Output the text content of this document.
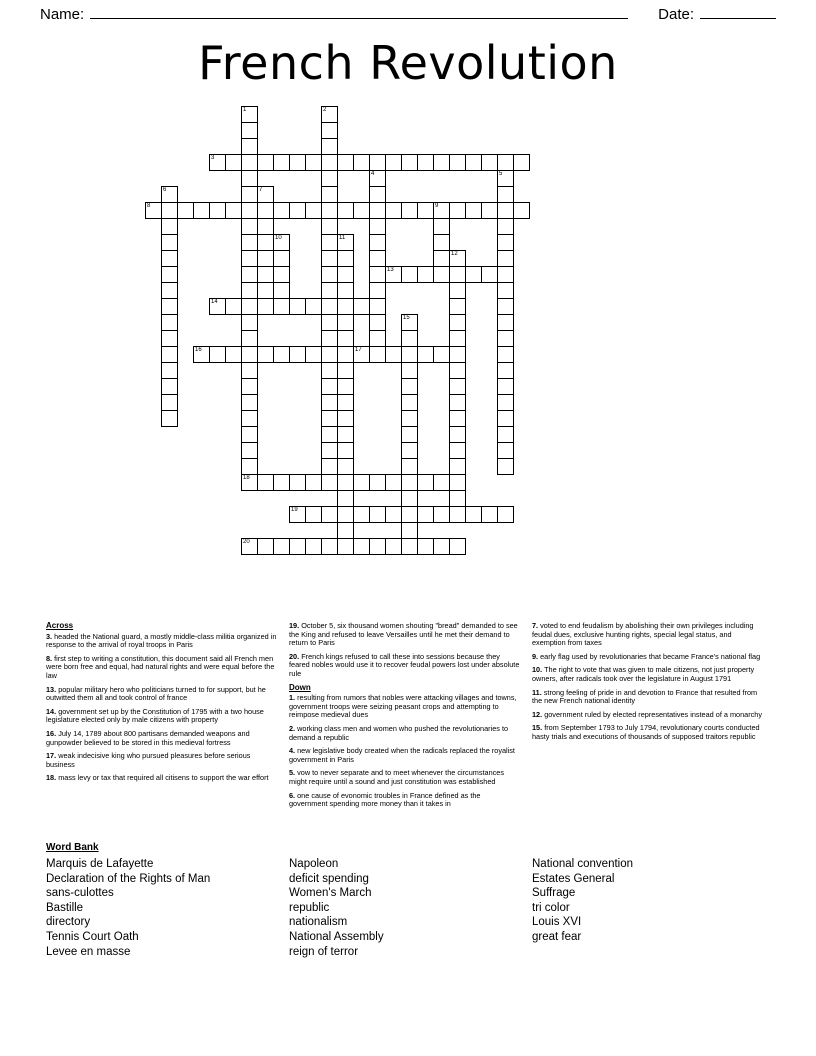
Name:	Date:
French Revolution
1	2
3
4	5
6	7
8	9
10	11
12
13
14
15
16	17
18
19
20
Across
3. headed the National guard, a mostly middle-class militia organized in response to the arrival of royal troops in Paris
8. first step to writing a constitution, this document said all French men were born free and equal, had natural rights and were equal before the law
13. popular military hero who politicians turned to for support, but he outwitted them all and took control of france
14. government set up by the Constitution of 1795 with a two house legislature elected only by male citizens with property
16. July 14, 1789 about 800 partisans demanded weapons and gunpowder believed to be stored in this medieval fortress
17. weak indecisive king who pursued pleasures before serious business
18. mass levy or tax that required all citisens to support the war effort
19. October 5, six thousand women shouting "bread" demanded to see the King and refused to leave Versailles until he met their demand to return to Paris
20. French kings refused to call these into sessions because they feared nobles would use it to recover feudal powers lost under absolute rule
Down
1. resulting from rumors that nobles were attacking villages and towns, government troops were seizing peasant crops and attempting to reimpose medieval dues
2. working class men and women who pushed the revolutionaries to demand a republic
4. new legislative body created when the radicals replaced the royalist government in Paris
5. vow to never separate and to meet whenever the circumstances might require until a sound and just constitution was established
6. one cause of evonomic troubles in France defined as the government spending more money than it takes in
7. voted to end feudalism by abolishing their own privileges including feudal dues, exclusive hunting rights, special legal status, and exemption from taxes
9. early flag used by revolutionaries that became France's national flag
10. The right to vote that was given to male citizens, not just property owners, after radicals took over the legislature in August 1791
11. strong feeling of pride in and devotion to France that resulted from the new French national identity
12. government ruled by elected representatives instead of a monarchy
15. from September 1793 to July 1794, revolutionary courts conducted hasty trials and executions of thousands of supposed traitors republic
Word Bank
Marquis de Lafayette
Declaration of the Rights of Man
sans-culottes
Bastille
directory
Tennis Court Oath
Levee en masse
Napoleon
deficit spending
Women's March
republic
nationalism
National Assembly
reign of terror
National convention
Estates General
Suffrage
tri color
Louis XVI
great fear
